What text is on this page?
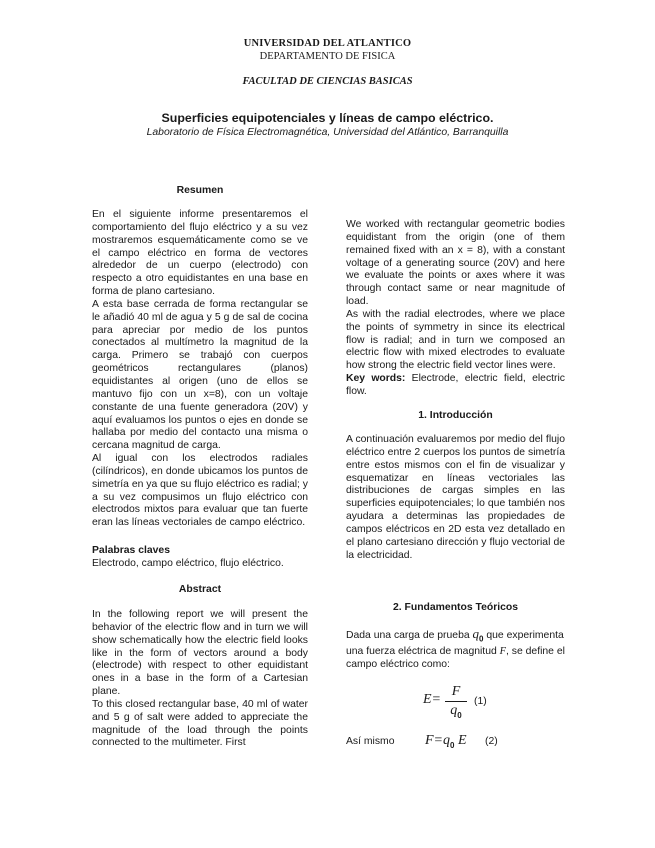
UNIVERSIDAD DEL ATLANTICO
DEPARTAMENTO DE FISICA
FACULTAD DE CIENCIAS BASICAS
Superficies equipotenciales y líneas de campo eléctrico.
Laboratorio de Física Electromagnética, Universidad del Atlántico, Barranquilla
Resumen
En el siguiente informe presentaremos el comportamiento del flujo eléctrico y a su vez mostraremos esquemáticamente como se ve el campo eléctrico en forma de vectores alrededor de un cuerpo (electrodo) con respecto a otro equidistantes en una base en forma de plano cartesiano.
A esta base cerrada de forma rectangular se le añadió 40 ml de agua y 5 g de sal de cocina para apreciar por medio de los puntos conectados al multímetro la magnitud de la carga. Primero se trabajó con cuerpos geométricos rectangulares (planos) equidistantes al origen (uno de ellos se mantuvo fijo con un x=8), con un voltaje constante de una fuente generadora (20V) y aquí evaluamos los puntos o ejes en donde se hallaba por medio del contacto una misma o cercana magnitud de carga.
Al igual con los electrodos radiales (cilíndricos), en donde ubicamos los puntos de simetría en ya que su flujo eléctrico es radial; y a su vez compusimos un flujo eléctrico con electrodos mixtos para evaluar que tan fuerte eran las líneas vectoriales de campo eléctrico.
Palabras claves
Electrodo, campo eléctrico, flujo eléctrico.
Abstract
In the following report we will present the behavior of the electric flow and in turn we will show schematically how the electric field looks like in the form of vectors around a body (electrode) with respect to other equidistant ones in a base in the form of a Cartesian plane.
To this closed rectangular base, 40 ml of water and 5 g of salt were added to appreciate the magnitude of the load through the points connected to the multimeter. First
We worked with rectangular geometric bodies equidistant from the origin (one of them remained fixed with an x = 8), with a constant voltage of a generating source (20V) and here we evaluate the points or axes where it was through contact same or near magnitude of load.
As with the radial electrodes, where we place the points of symmetry in since its electrical flow is radial; and in turn we composed an electric flow with mixed electrodes to evaluate how strong the electric field vector lines were.
Key words: Electrode, electric field, electric flow.
1. Introducción
A continuación evaluaremos por medio del flujo eléctrico entre 2 cuerpos los puntos de simetría entre estos mismos con el fin de visualizar y esquematizar en líneas vectoriales las distribuciones de cargas simples en las superficies equipotenciales; lo que también nos ayudara a determinas las propiedades de campos eléctricos en 2D esta vez detallado en el plano cartesiano dirección y flujo vectorial de la electricidad.
2. Fundamentos Teóricos
Dada una carga de prueba $q_0$ que experimenta una fuerza eléctrica de magnitud F, se define el campo eléctrico como:
E=
F
$q_0$
(1)
Así mismo $F=q_0$ E (2)
